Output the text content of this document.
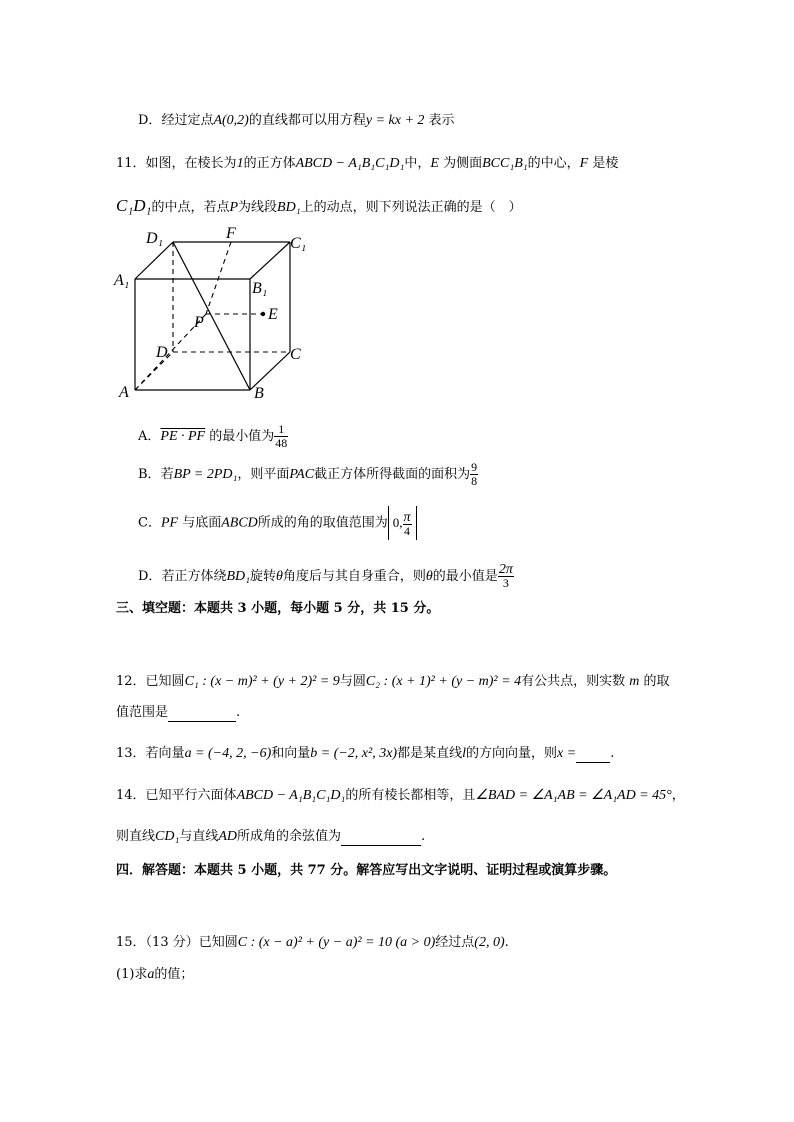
D．经过定点A(0,2)的直线都可以用方程y = kx + 2 表示
11．如图，在棱长为1的正方体ABCD − A₁B₁C₁D₁中，E 为侧面BCC₁B₁的中心，F 是棱
C₁D₁的中点，若点P为线段BD₁上的动点，则下列说法正确的是（　）
D₁	F
C₁
A₁	B₁
P	E
D	C
A	B
A．PE · PF 的最小值为 $\frac{1}{48}$
B．若BP = 2PD₁，则平面PAC截正方体所得截面的面积为 $\frac{9}{8}$
C．PF 与底面ABCD所成的角的取值范围为 0, $\frac{\pi}{4}$
D．若正方体绕BD₁旋转θ角度后与其自身重合，则θ的最小值是 $\frac{2\pi}{3}$
三、填空题：本题共 3 小题，每小题 5 分，共 15 分。
12．已知圆C₁ : (x − m)² + (y + 2)² = 9与圆C₂ : (x + 1)² + (y − m)² = 4有公共点，则实数 m 的取
值范围是	.
13．若向量a = (−4, 2, −6)和向量b = (−2, x², 3x)都是某直线l的方向向量，则x =	.
14．已知平行六面体ABCD − A₁B₁C₁D₁的所有棱长都相等，且∠BAD = ∠A₁AB = ∠A₁AD = 45°，
则直线CD₁与直线AD所成角的余弦值为	.
四．解答题：本题共 5 小题，共 77 分。解答应写出文字说明、证明过程或演算步骤。
15．（13 分）已知圆C : (x − a)² + (y − a)² = 10 (a > 0)经过点(2, 0).
(1)求a的值；
